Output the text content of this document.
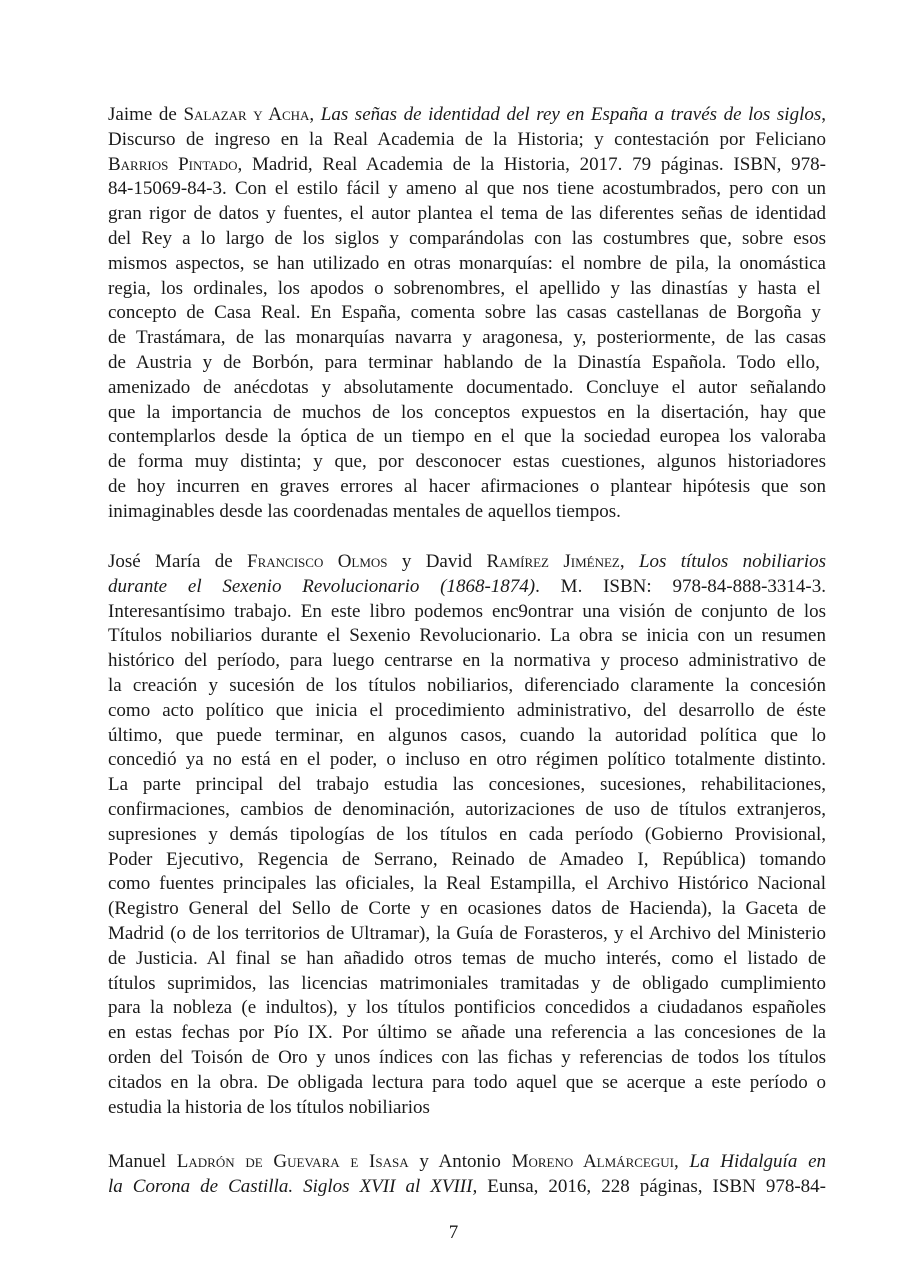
Jaime de Salazar y Acha, Las señas de identidad del rey en España a través de los siglos,
Discurso de ingreso en la Real Academia de la Historia; y contestación por Feliciano
Barrios Pintado, Madrid, Real Academia de la Historia, 2017. 79 páginas. ISBN, 978-
84-15069-84-3. Con el estilo fácil y ameno al que nos tiene acostumbrados, pero con un
gran rigor de datos y fuentes, el autor plantea el tema de las diferentes señas de identidad
del Rey a lo largo de los siglos y comparándolas con las costumbres que, sobre esos
mismos aspectos, se han utilizado en otras monarquías: el nombre de pila, la onomástica
regia, los ordinales, los apodos o sobrenombres, el apellido y las dinastías y hasta el
concepto de Casa Real. En España, comenta sobre las casas castellanas de Borgoña y
de Trastámara, de las monarquías navarra y aragonesa, y, posteriormente, de las casas
de Austria y de Borbón, para terminar hablando de la Dinastía Española. Todo ello,
amenizado de anécdotas y absolutamente documentado. Concluye el autor señalando
que la importancia de muchos de los conceptos expuestos en la disertación, hay que
contemplarlos desde la óptica de un tiempo en el que la sociedad europea los valoraba
de forma muy distinta; y que, por desconocer estas cuestiones, algunos historiadores
de hoy incurren en graves errores al hacer afirmaciones o plantear hipótesis que son
inimaginables desde las coordenadas mentales de aquellos tiempos.
José María de Francisco Olmos y David Ramírez Jiménez, Los títulos nobiliarios
durante el Sexenio Revolucionario (1868-1874). M. ISBN: 978-84-888-3314-3.
Interesantísimo trabajo. En este libro podemos enc9ontrar una visión de conjunto de los
Títulos nobiliarios durante el Sexenio Revolucionario. La obra se inicia con un resumen
histórico del período, para luego centrarse en la normativa y proceso administrativo de
la creación y sucesión de los títulos nobiliarios, diferenciado claramente la concesión
como acto político que inicia el procedimiento administrativo, del desarrollo de éste
último, que puede terminar, en algunos casos, cuando la autoridad política que lo
concedió ya no está en el poder, o incluso en otro régimen político totalmente distinto.
La parte principal del trabajo estudia las concesiones, sucesiones, rehabilitaciones,
confirmaciones, cambios de denominación, autorizaciones de uso de títulos extranjeros,
supresiones y demás tipologías de los títulos en cada período (Gobierno Provisional,
Poder Ejecutivo, Regencia de Serrano, Reinado de Amadeo I, República) tomando
como fuentes principales las oficiales, la Real Estampilla, el Archivo Histórico Nacional
(Registro General del Sello de Corte y en ocasiones datos de Hacienda), la Gaceta de
Madrid (o de los territorios de Ultramar), la Guía de Forasteros, y el Archivo del Ministerio
de Justicia. Al final se han añadido otros temas de mucho interés, como el listado de
títulos suprimidos, las licencias matrimoniales tramitadas y de obligado cumplimiento
para la nobleza (e indultos), y los títulos pontificios concedidos a ciudadanos españoles
en estas fechas por Pío IX. Por último se añade una referencia a las concesiones de la
orden del Toisón de Oro y unos índices con las fichas y referencias de todos los títulos
citados en la obra. De obligada lectura para todo aquel que se acerque a este período o
estudia la historia de los títulos nobiliarios
Manuel Ladrón de Guevara e Isasa y Antonio Moreno Almárcegui, La Hidalguía en
la Corona de Castilla. Siglos XVII al XVIII, Eunsa, 2016, 228 páginas, ISBN 978-84-
7
